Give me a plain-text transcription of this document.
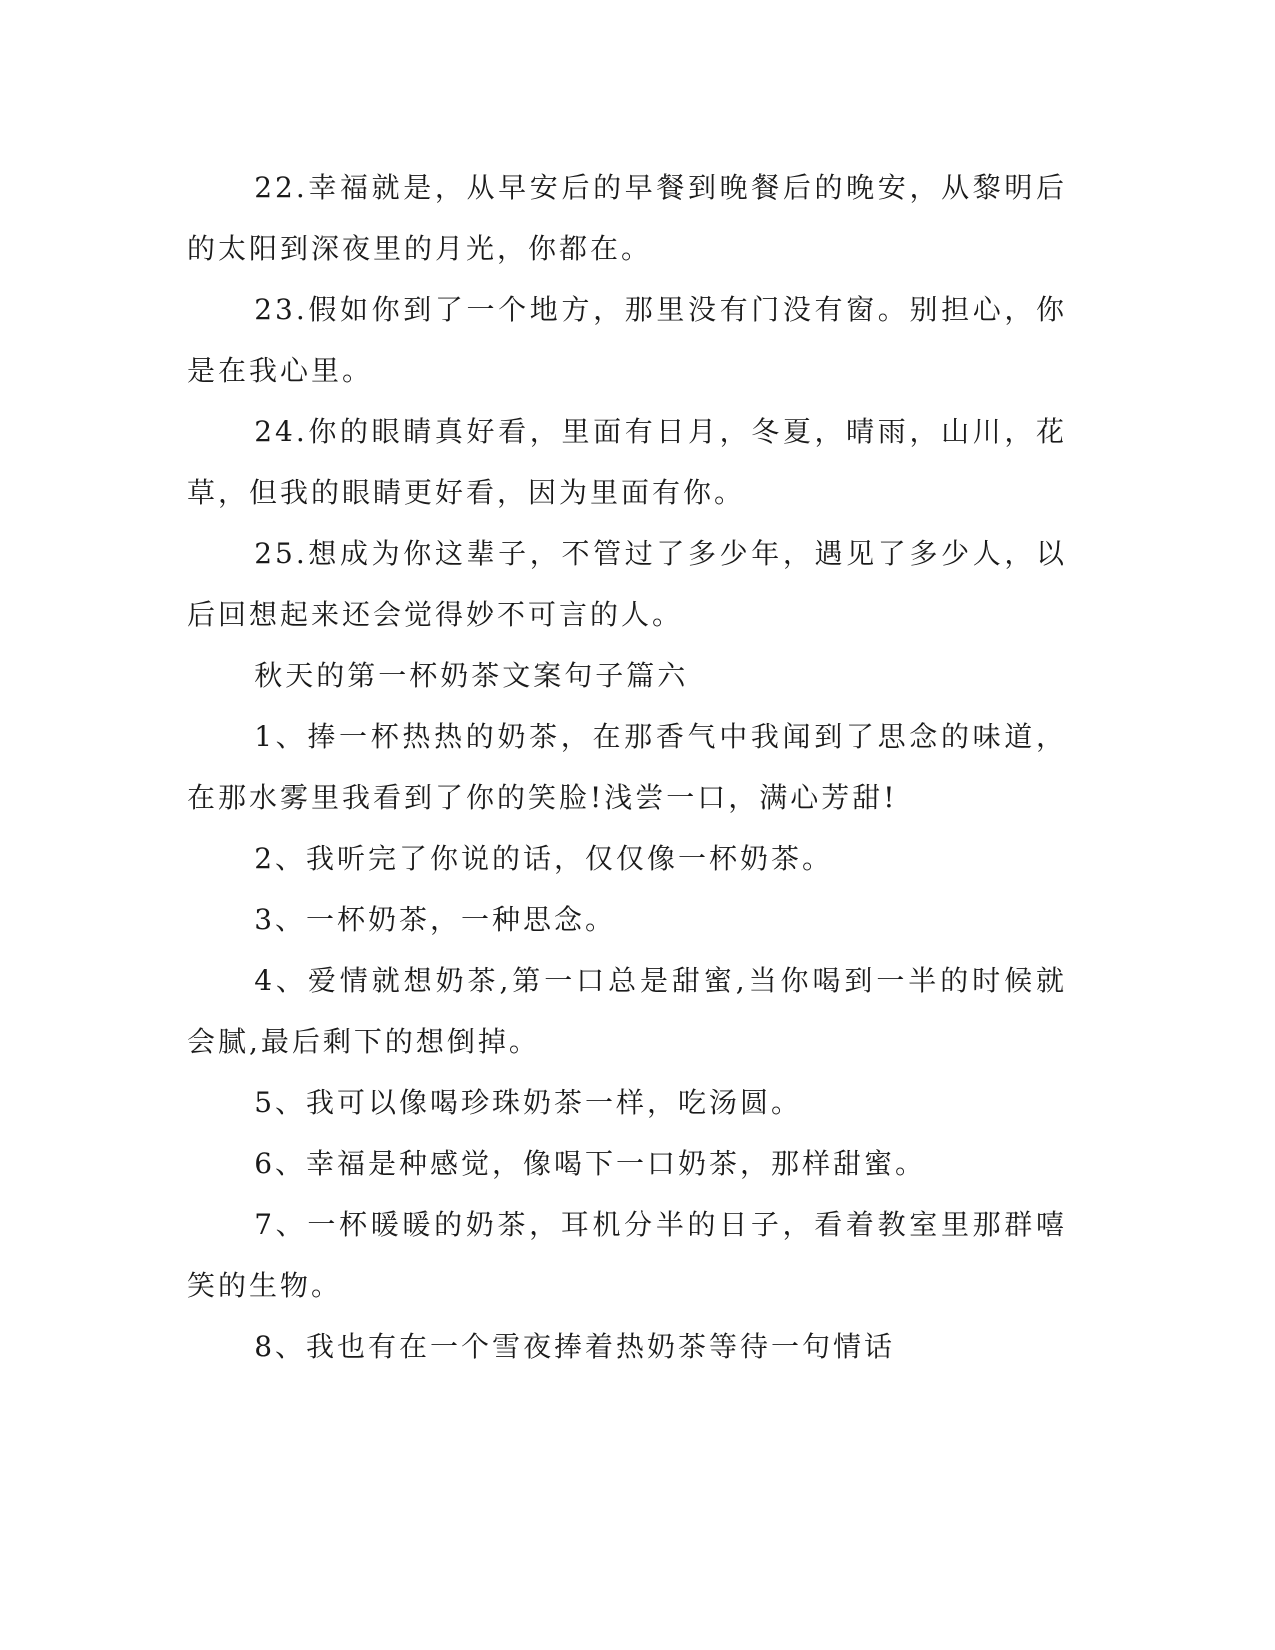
22.幸福就是，从早安后的早餐到晚餐后的晚安，从黎明后的太阳到深夜里的月光，你都在。

23.假如你到了一个地方，那里没有门没有窗。别担心，你是在我心里。

24.你的眼睛真好看，里面有日月，冬夏，晴雨，山川，花草，但我的眼睛更好看，因为里面有你。

25.想成为你这辈子，不管过了多少年，遇见了多少人，以后回想起来还会觉得妙不可言的人。

秋天的第一杯奶茶文案句子篇六

1、捧一杯热热的奶茶，在那香气中我闻到了思念的味道，在那水雾里我看到了你的笑脸!浅尝一口，满心芳甜!

2、我听完了你说的话，仅仅像一杯奶茶。

3、一杯奶茶，一种思念。

4、爱情就想奶茶,第一口总是甜蜜,当你喝到一半的时候就会腻,最后剩下的想倒掉。

5、我可以像喝珍珠奶茶一样，吃汤圆。

6、幸福是种感觉，像喝下一口奶茶，那样甜蜜。

7、一杯暖暖的奶茶，耳机分半的日子，看着教室里那群嘻笑的生物。

8、我也有在一个雪夜捧着热奶茶等待一句情话
